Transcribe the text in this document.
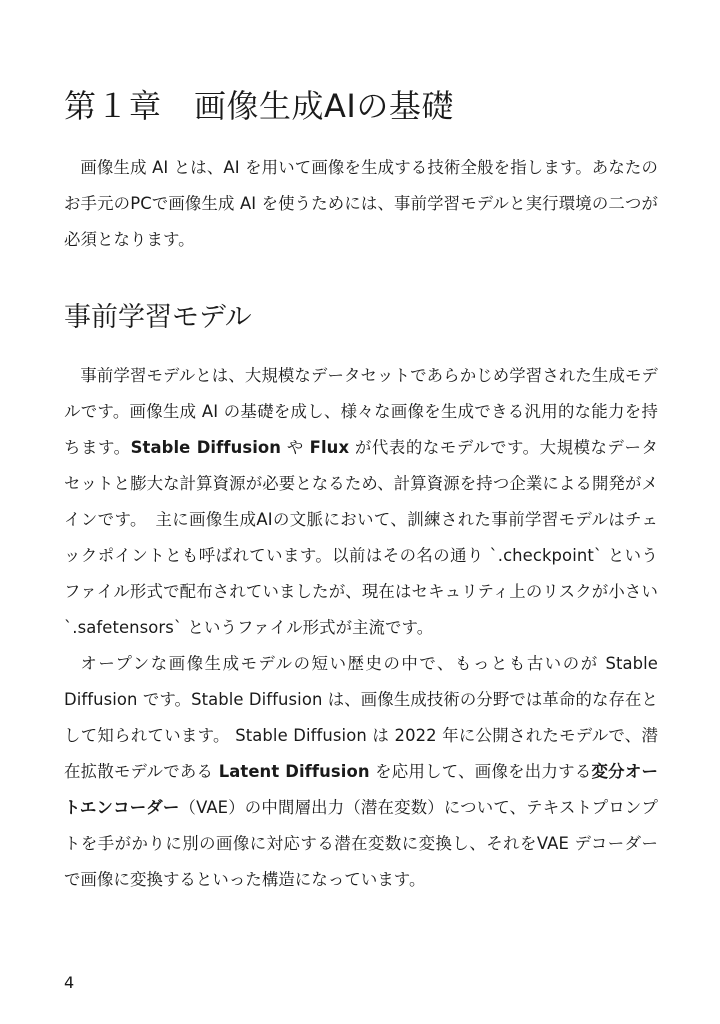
第１章　画像生成AIの基礎

画像生成 AI とは、AI を用いて画像を生成する技術全般を指します。あなたのお手元のPCで画像生成 AI を使うためには、事前学習モデルと実行環境の二つが必須となります。

事前学習モデル

事前学習モデルとは、大規模なデータセットであらかじめ学習された生成モデルです。画像生成 AI の基礎を成し、様々な画像を生成できる汎用的な能力を持ちます。Stable Diffusion や Flux が代表的なモデルです。大規模なデータセットと膨大な計算資源が必要となるため、計算資源を持つ企業による開発がメインです。　主に画像生成AIの文脈において、訓練された事前学習モデルはチェックポイントとも呼ばれています。以前はその名の通り `.checkpoint` というファイル形式で配布されていましたが、現在はセキュリティ上のリスクが小さい `.safetensors` というファイル形式が主流です。

オープンな画像生成モデルの短い歴史の中で、もっとも古いのが Stable Diffusion です。Stable Diffusion は、画像生成技術の分野では革命的な存在として知られています。 Stable Diffusion は 2022 年に公開されたモデルで、潜在拡散モデルである Latent Diffusion を応用して、画像を出力する変分オートエンコーダー（VAE）の中間層出力（潜在変数）について、テキストプロンプトを手がかりに別の画像に対応する潜在変数に変換し、それをVAE デコーダーで画像に変換するといった構造になっています。

4
